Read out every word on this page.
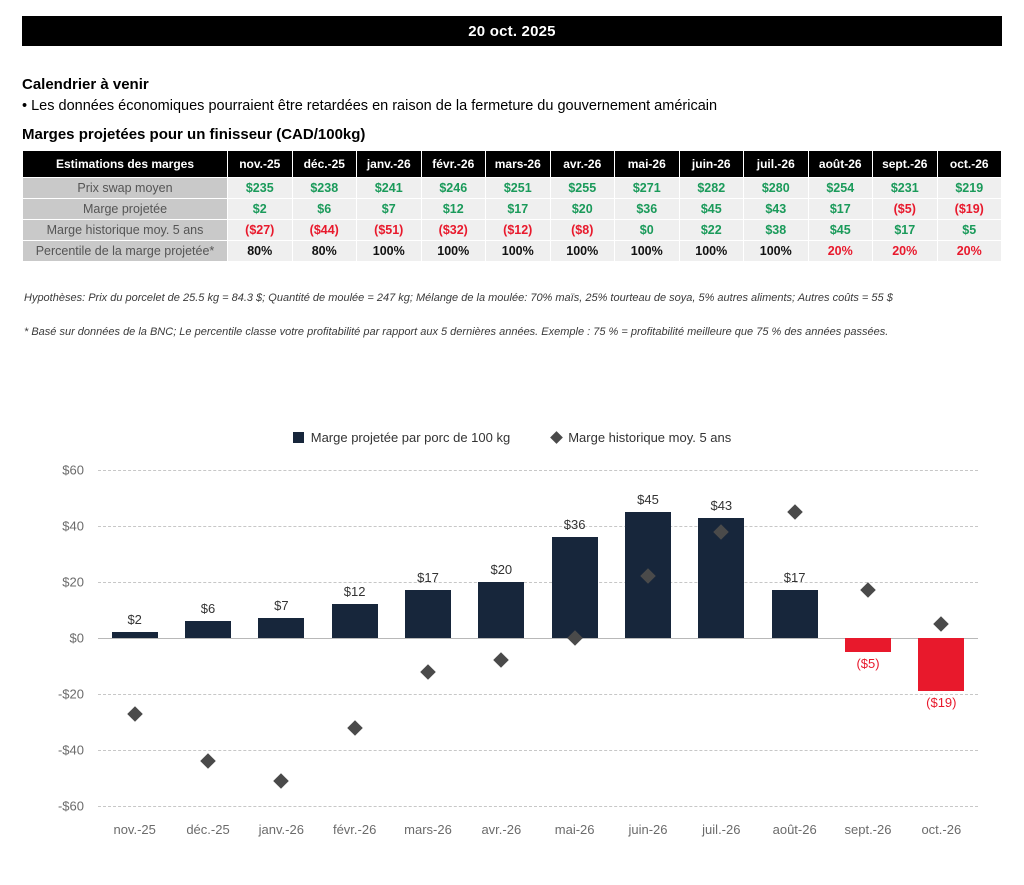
20 oct. 2025
Calendrier à venir
• Les données économiques pourraient être retardées en raison de la fermeture du gouvernement américain
Marges projetées pour un finisseur (CAD/100kg)
Estimations des marges	nov.-25	déc.-25	janv.-26	févr.-26	mars-26	avr.-26	mai-26	juin-26	juil.-26	août-26	sept.-26	oct.-26
Prix swap moyen	$235	$238	$241	$246	$251	$255	$271	$282	$280	$254	$231	$219
Marge projetée	$2	$6	$7	$12	$17	$20	$36	$45	$43	$17	($5)	($19)
Marge historique moy. 5 ans	($27)	($44)	($51)	($32)	($12)	($8)	$0	$22	$38	$45	$17	$5
Percentile de la marge projetée*	80%	80%	100%	100%	100%	100%	100%	100%	100%	20%	20%	20%
Hypothèses: Prix du porcelet de 25.5 kg = 84.3 $; Quantité de moulée = 247 kg; Mélange de la moulée: 70% maïs, 25% tourteau de soya, 5% autres aliments; Autres coûts = 55 $
* Basé sur données de la BNC; Le percentile classe votre profitabilité par rapport aux 5 dernières années. Exemple : 75 % = profitabilité meilleure que 75 % des années passées.
Marge projetée par porc de 100 kg	Marge historique moy. 5 ans
$60
$40
$20
$0
-$20
-$40
-$60
$2
nov.-25
$6
déc.-25
$7
janv.-26
$12
févr.-26
$17
mars-26
$20
avr.-26
$36
mai-26
$45
juin-26
$43
juil.-26
$17
août-26
($5)
sept.-26
($19)
oct.-26
